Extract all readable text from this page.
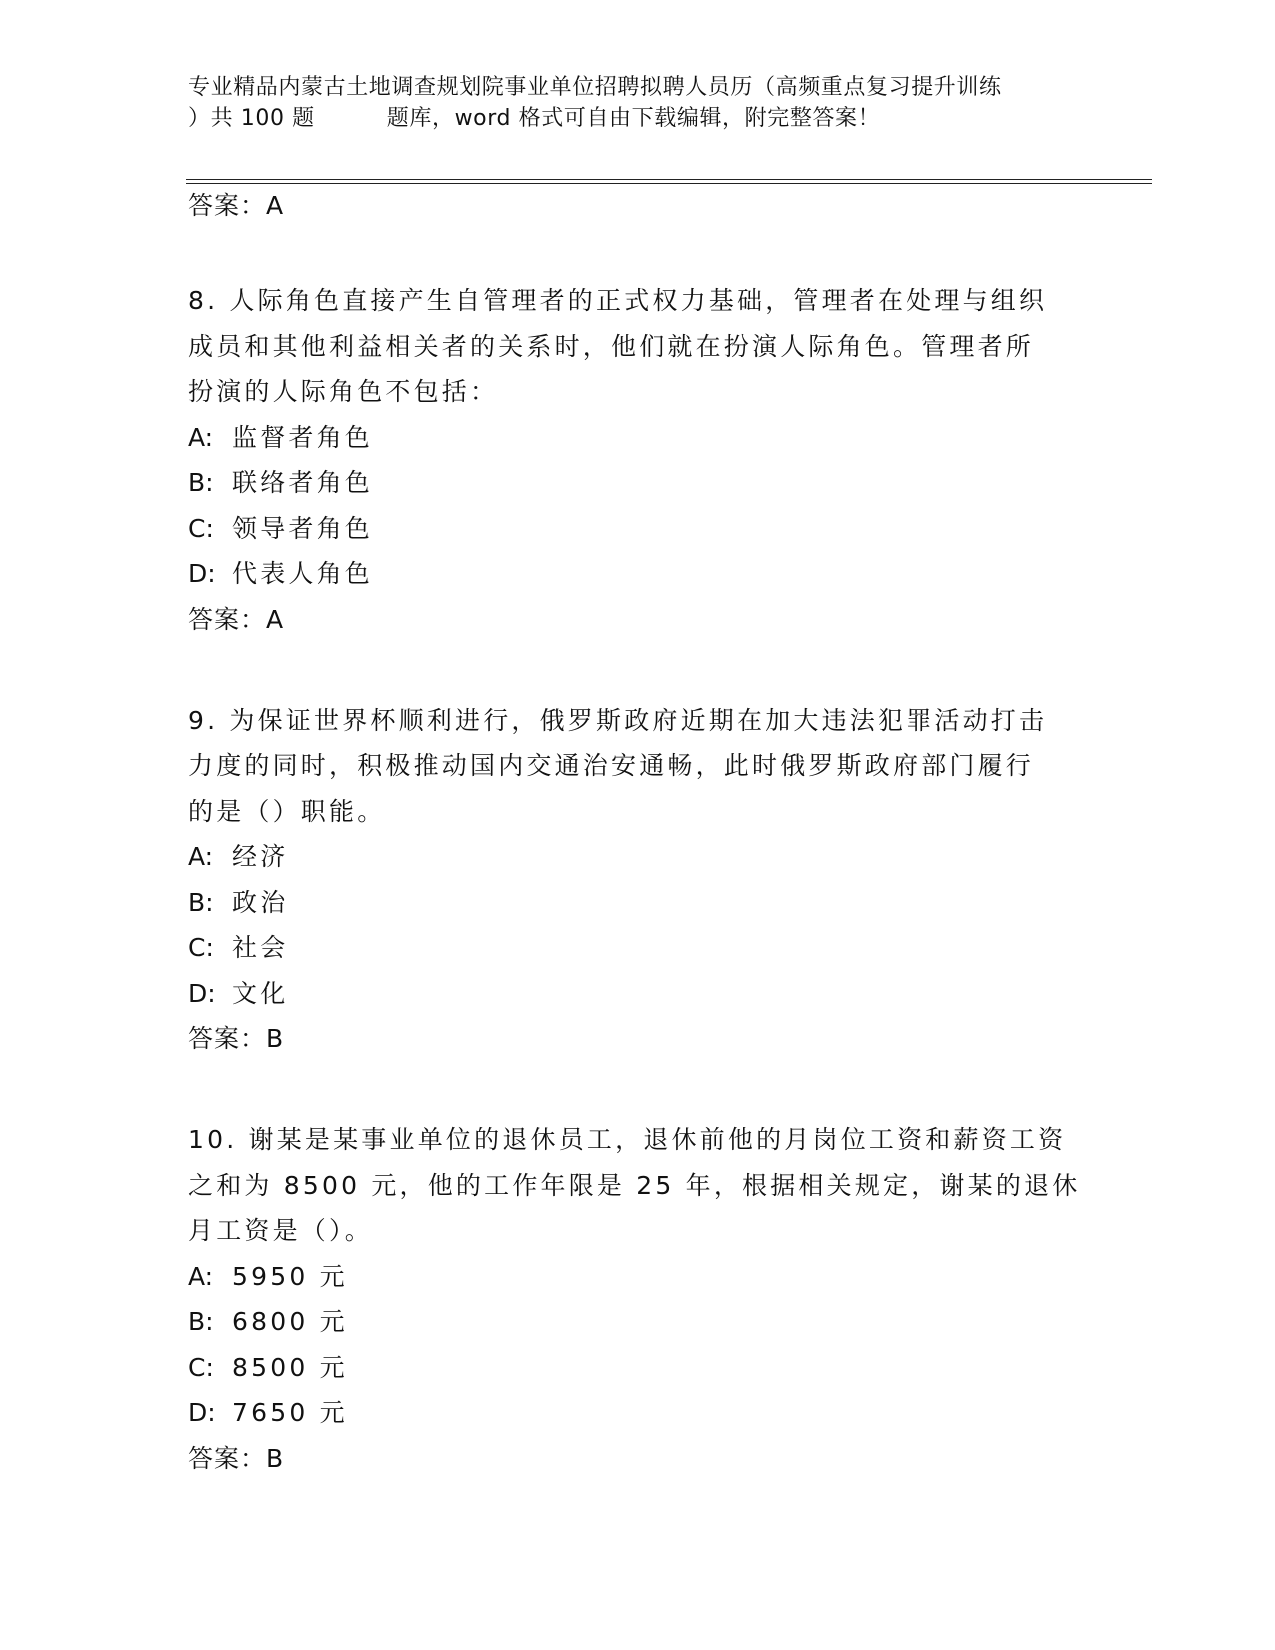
专业精品内蒙古土地调查规划院事业单位招聘拟聘人员历（高频重点复习提升训练
）共 100 题	题库，word 格式可自由下载编辑，附完整答案！
答案：A
8. 人际角色直接产生自管理者的正式权力基础，管理者在处理与组织
成员和其他利益相关者的关系时，他们就在扮演人际角色。管理者所
扮演的人际角色不包括：
A: 监督者角色
B: 联络者角色
C: 领导者角色
D: 代表人角色
答案：A
9. 为保证世界杯顺利进行，俄罗斯政府近期在加大违法犯罪活动打击
力度的同时，积极推动国内交通治安通畅，此时俄罗斯政府部门履行
的是（）职能。
A: 经济
B: 政治
C: 社会
D: 文化
答案：B
10. 谢某是某事业单位的退休员工，退休前他的月岗位工资和薪资工资
之和为 8500 元，他的工作年限是 25 年，根据相关规定，谢某的退休
月工资是（）。
A: 5950 元
B: 6800 元
C: 8500 元
D: 7650 元
答案：B
